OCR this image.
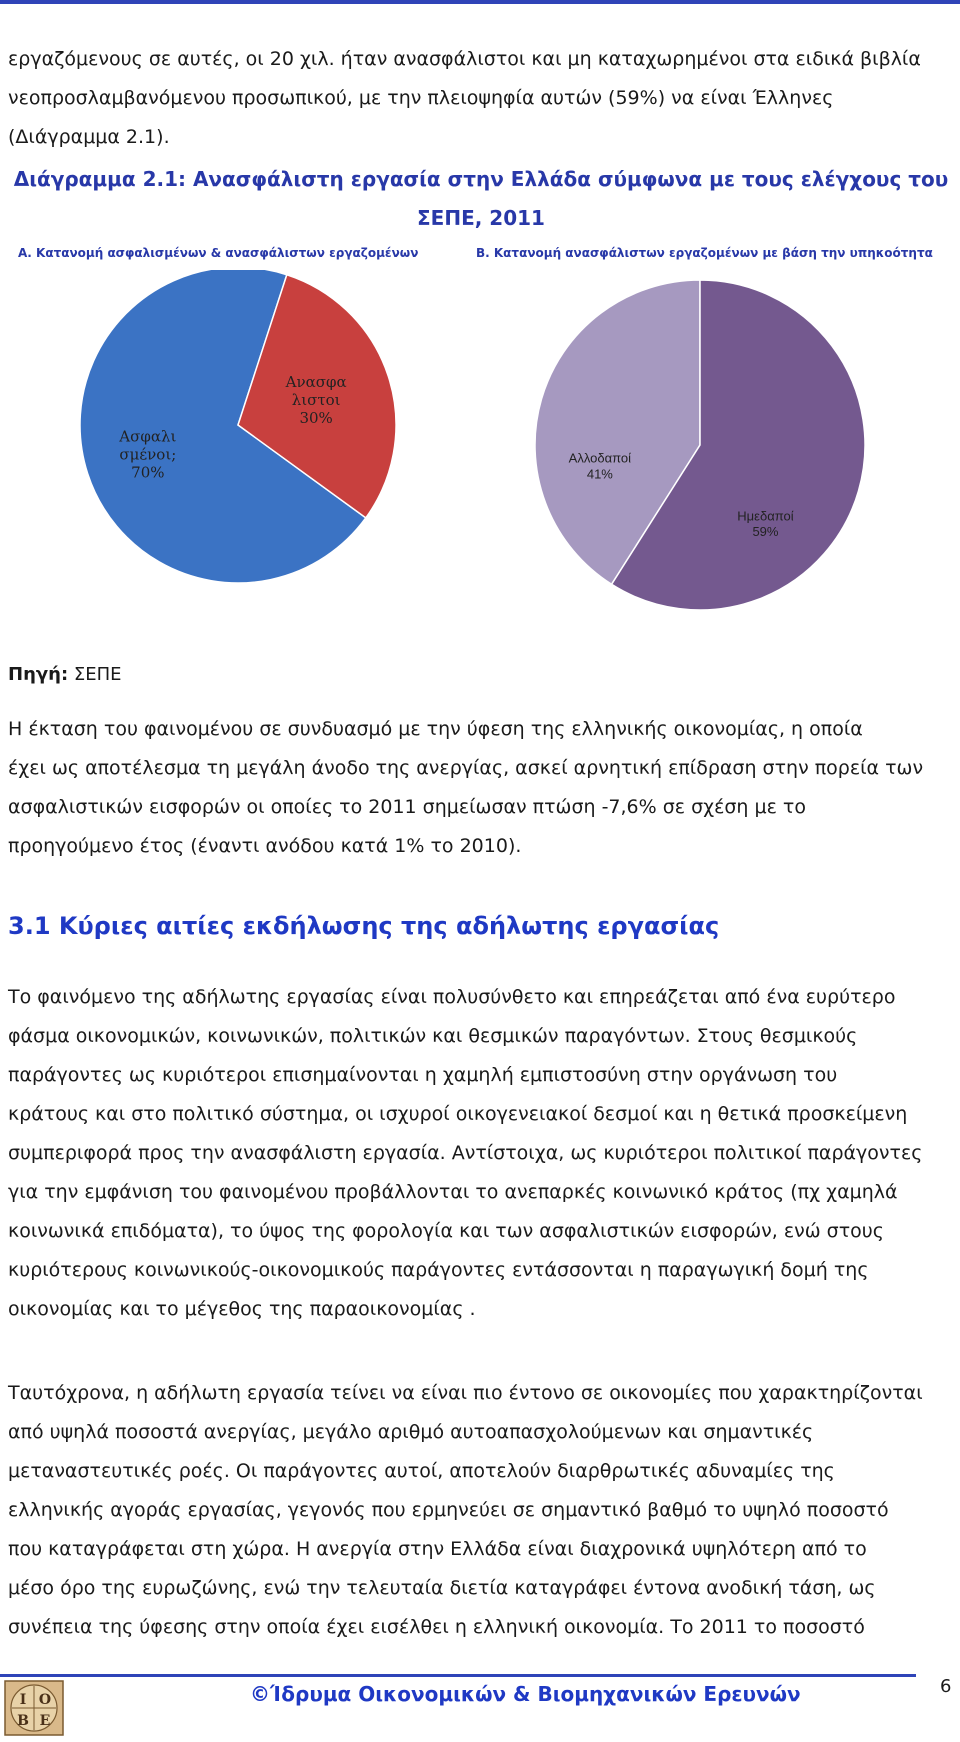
εργαζόμενους σε αυτές, οι 20 χιλ. ήταν ανασφάλιστοι και μη καταχωρημένοι στα ειδικά βιβλία
νεοπροσλαμβανόμενου προσωπικού, με την πλειοψηφία αυτών (59%) να είναι Έλληνες
(Διάγραμμα 2.1).
Διάγραμμα 2.1: Ανασφάλιστη εργασία στην Ελλάδα σύμφωνα με τους ελέγχους του
ΣΕΠΕ, 2011
Α. Κατανομή ασφαλισμένων & ανασφάλιστων εργαζομένων	Β. Κατανομή ανασφάλιστων εργαζομένων με βάση την υπηκοότητα
Ασφαλι σμένοι; 70%
Ανασφα λιστοι 30%
Αλλοδαποί 41%
Ημεδαποί 59%
Πηγή: ΣΕΠΕ
Η έκταση του φαινομένου σε συνδυασμό με την ύφεση της ελληνικής οικονομίας, η οποία
έχει ως αποτέλεσμα τη μεγάλη άνοδο της ανεργίας, ασκεί αρνητική επίδραση στην πορεία των
ασφαλιστικών εισφορών οι οποίες το 2011 σημείωσαν πτώση -7,6% σε σχέση με το
προηγούμενο έτος (έναντι ανόδου κατά 1% το 2010).
3.1 Κύριες αιτίες εκδήλωσης της αδήλωτης εργασίας
Το φαινόμενο της αδήλωτης εργασίας είναι πολυσύνθετο και επηρεάζεται από ένα ευρύτερο
φάσμα οικονομικών, κοινωνικών, πολιτικών και θεσμικών παραγόντων. Στους θεσμικούς
παράγοντες ως κυριότεροι επισημαίνονται η χαμηλή εμπιστοσύνη στην οργάνωση του
κράτους και στο πολιτικό σύστημα, οι ισχυροί οικογενειακοί δεσμοί και η θετικά προσκείμενη
συμπεριφορά προς την ανασφάλιστη εργασία. Αντίστοιχα, ως κυριότεροι πολιτικοί παράγοντες
για την εμφάνιση του φαινομένου προβάλλονται το ανεπαρκές κοινωνικό κράτος (πχ χαμηλά
κοινωνικά επιδόματα), το ύψος της φορολογία και των ασφαλιστικών εισφορών, ενώ στους
κυριότερους κοινωνικούς-οικονομικούς παράγοντες εντάσσονται η παραγωγική δομή της
οικονομίας και το μέγεθος της παραοικονομίας .
Ταυτόχρονα, η αδήλωτη εργασία τείνει να είναι πιο έντονο σε οικονομίες που χαρακτηρίζονται
από υψηλά ποσοστά ανεργίας, μεγάλο αριθμό αυτοαπασχολούμενων και σημαντικές
μεταναστευτικές ροές. Οι παράγοντες αυτοί, αποτελούν διαρθρωτικές αδυναμίες της
ελληνικής αγοράς εργασίας, γεγονός που ερμηνεύει σε σημαντικό βαθμό το υψηλό ποσοστό
που καταγράφεται στη χώρα. Η ανεργία στην Ελλάδα είναι διαχρονικά υψηλότερη από το
μέσο όρο της ευρωζώνης, ενώ την τελευταία διετία καταγράφει έντονα ανοδική τάση, ως
συνέπεια της ύφεσης στην οποία έχει εισέλθει η ελληνική οικονομία. Το 2011 το ποσοστό
Ι Ο
Β Ε
©Ίδρυμα Οικονομικών & Βιομηχανικών Ερευνών	6
